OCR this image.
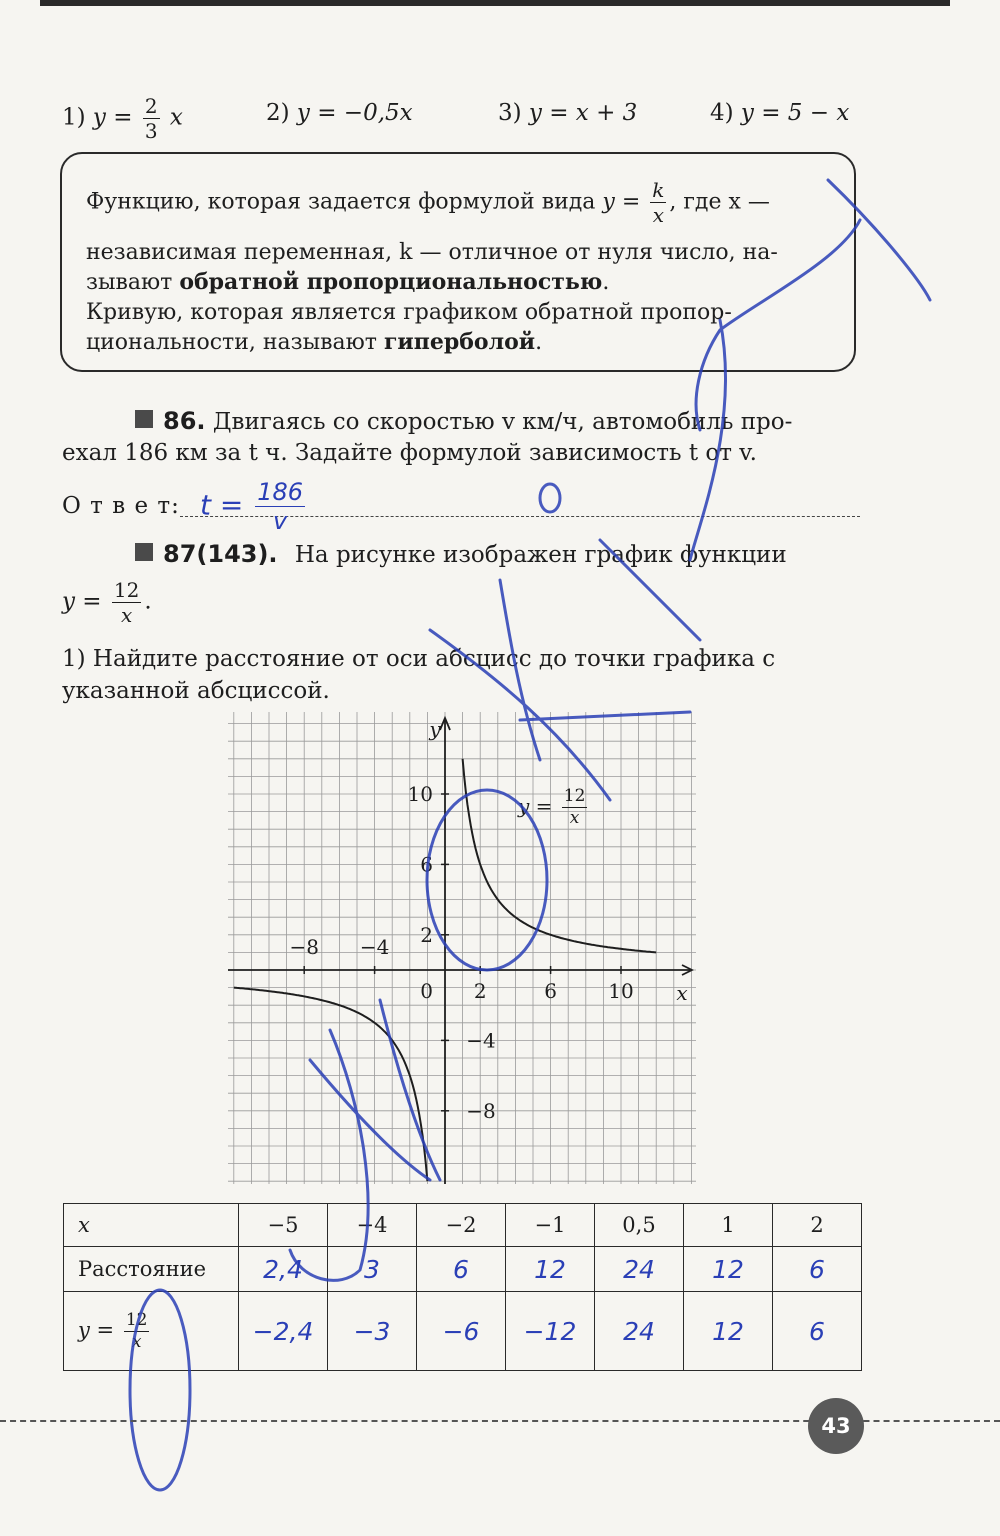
1) $y = \frac{2}{3}$ x	2) y = −0,5x	3) y = x + 3	4) y = 5 − x
Функцию, которая задается формулой вида $y = \frac{k}{x}$ , где x —
независимая переменная, k — отличное от нуля число, на-
зывают обратной пропорциональностью.
Кривую, которая является графиком обратной пропор-
циональности, называют гиперболой.
86. Двигаясь со скоростью v км/ч, автомобиль про-
ехал 186 км за t ч. Задайте формулой зависимость t от v.
О т в е т: $t = \frac{186}{v}$
87(143). На рисунке изображен график функции
$y = \frac{12}{x}$ .
1) Найдите расстояние от оси абсцисс до точки графика с
указанной абсциссой.
−8 −4
2	6	10
10
6
2
−4
−8
0	x
y
$y = \frac{12}{x}$
x	−5	−4	−2	−1	0,5	1	2
Расстояние	2,4	3	6	12	24	12	6
$y = \frac{12}{x}$	−2,4	−3	−6	−12	24	12	6
43
